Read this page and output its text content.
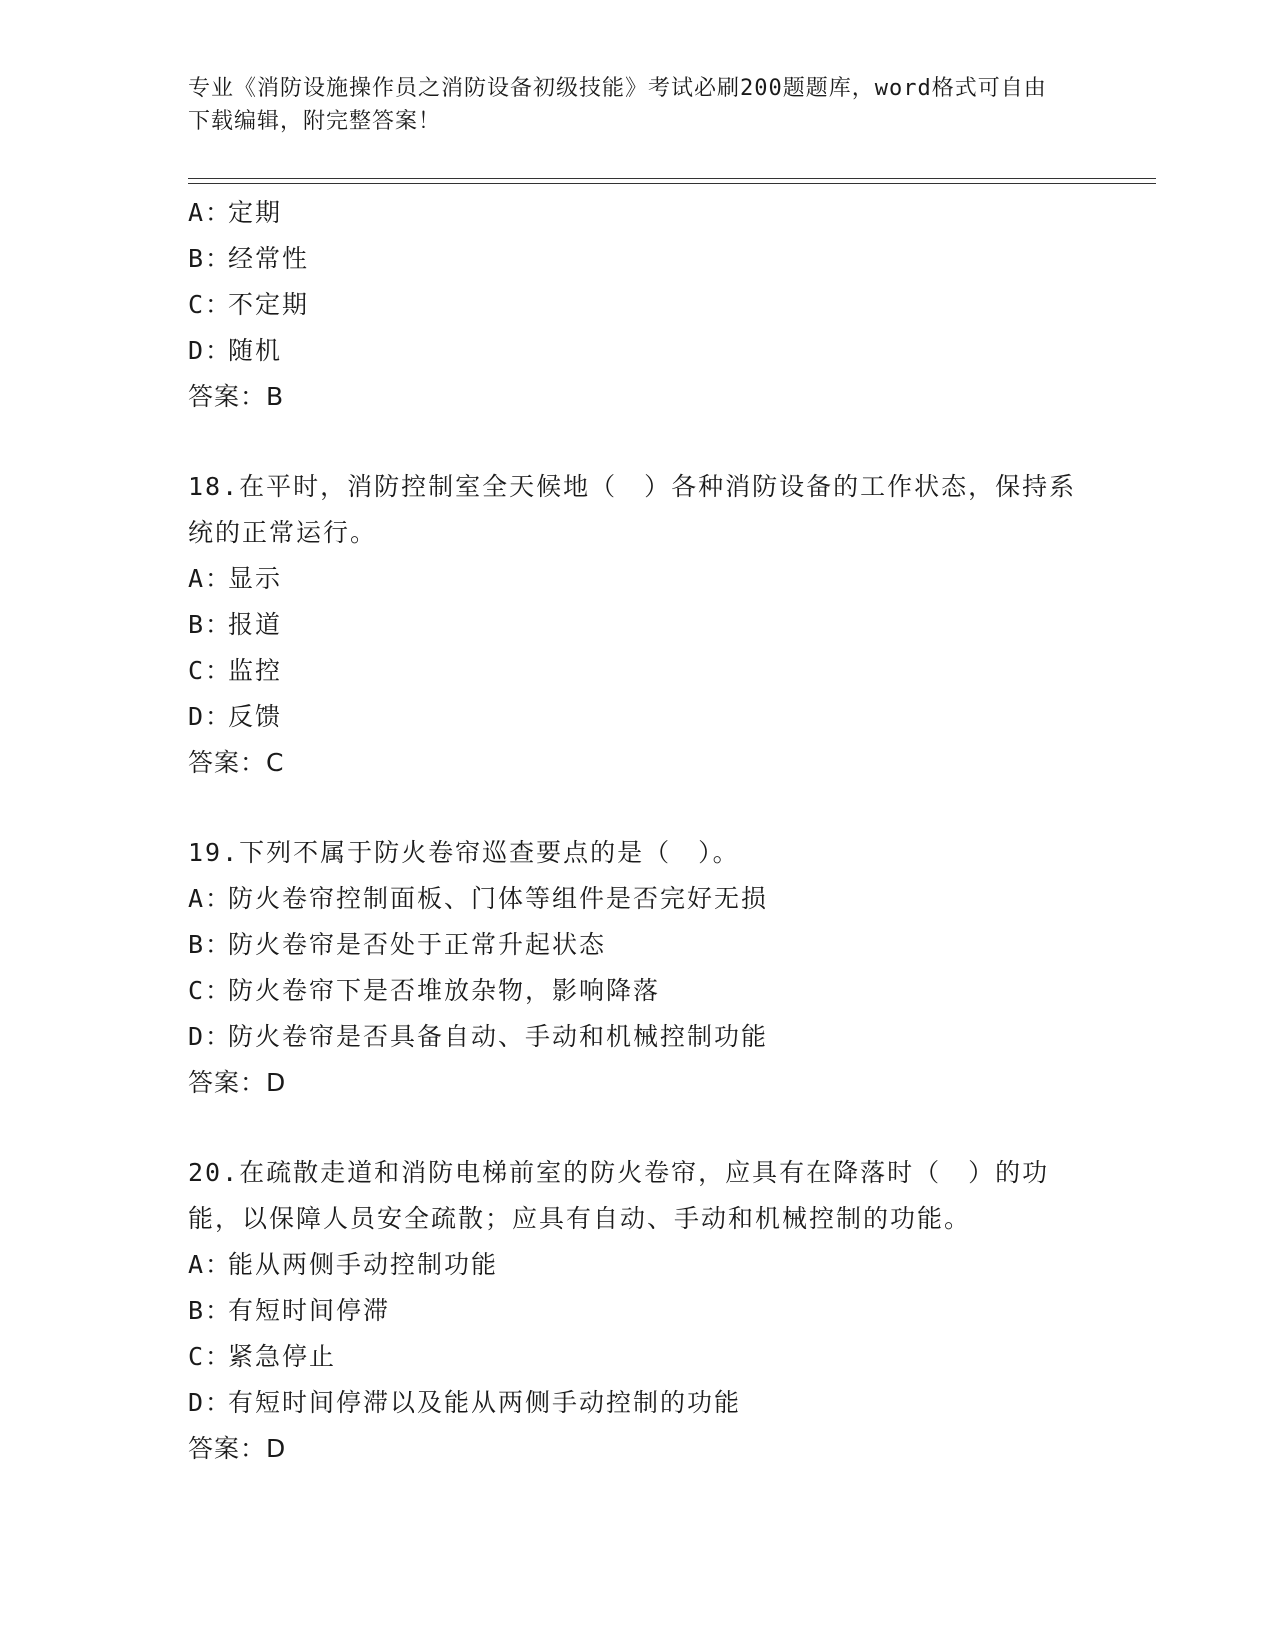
专业《消防设施操作员之消防设备初级技能》考试必刷200题题库，word格式可自由下载编辑，附完整答案！
A：定期
B：经常性
C：不定期
D：随机
答案：B
18.在平时，消防控制室全天候地（　）各种消防设备的工作状态，保持系统的正常运行。
A：显示
B：报道
C：监控
D：反馈
答案：C
19.下列不属于防火卷帘巡查要点的是（　）。
A：防火卷帘控制面板、门体等组件是否完好无损
B：防火卷帘是否处于正常升起状态
C：防火卷帘下是否堆放杂物，影响降落
D：防火卷帘是否具备自动、手动和机械控制功能
答案：D
20.在疏散走道和消防电梯前室的防火卷帘，应具有在降落时（　）的功能，以保障人员安全疏散；应具有自动、手动和机械控制的功能。
A：能从两侧手动控制功能
B：有短时间停滞
C：紧急停止
D：有短时间停滞以及能从两侧手动控制的功能
答案：D
